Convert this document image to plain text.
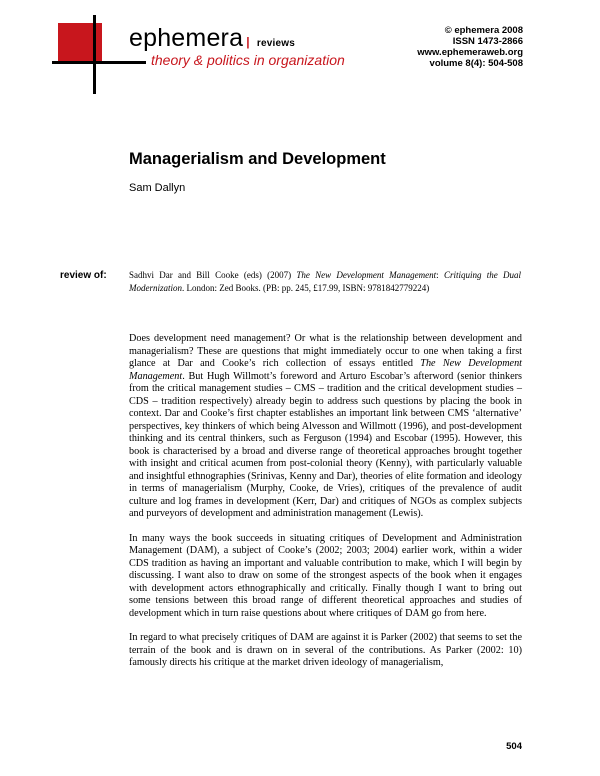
ephemera | reviews
theory & politics in organization
© ephemera 2008
ISSN 1473-2866
www.ephemeraweb.org
volume 8(4): 504-508
Managerialism and Development
Sam Dallyn
review of: Sadhvi Dar and Bill Cooke (eds) (2007) The New Development Management: Critiquing the Dual Modernization. London: Zed Books. (PB: pp. 245, £17.99, ISBN: 9781842779224)

Does development need management? Or what is the relationship between development and managerialism? These are questions that might immediately occur to one when taking a first glance at Dar and Cooke’s rich collection of essays entitled The New Development Management. But Hugh Willmott’s foreword and Arturo Escobar’s afterword (senior thinkers from the critical management studies – CMS – tradition and the critical development studies – CDS – tradition respectively) already begin to address such questions by placing the book in context. Dar and Cooke’s first chapter establishes an important link between CMS ‘alternative’ perspectives, key thinkers of which being Alvesson and Willmott (1996), and post-development thinking and its central thinkers, such as Ferguson (1994) and Escobar (1995). However, this book is characterised by a broad and diverse range of theoretical approaches brought together with insight and critical acumen from post-colonial theory (Kenny), with particularly valuable and insightful ethnographies (Srinivas, Kenny and Dar), theories of elite formation and ideology in terms of managerialism (Murphy, Cooke, de Vries), critiques of the prevalence of audit culture and log frames in development (Kerr, Dar) and critiques of NGOs as complex subjects and purveyors of development and administration management (Lewis).

In many ways the book succeeds in situating critiques of Development and Administration Management (DAM), a subject of Cooke’s (2002; 2003; 2004) earlier work, within a wider CDS tradition as having an important and valuable contribution to make, which I will begin by discussing. I want also to draw on some of the strongest aspects of the book when it engages with development actors ethnographically and critically. Finally though I want to bring out some tensions between this broad range of different theoretical approaches and studies of development which in turn raise questions about where critiques of DAM go from here.

In regard to what precisely critiques of DAM are against it is Parker (2002) that seems to set the terrain of the book and is drawn on in several of the contributions. As Parker (2002: 10) famously directs his critique at the market driven ideology of managerialism,

504
